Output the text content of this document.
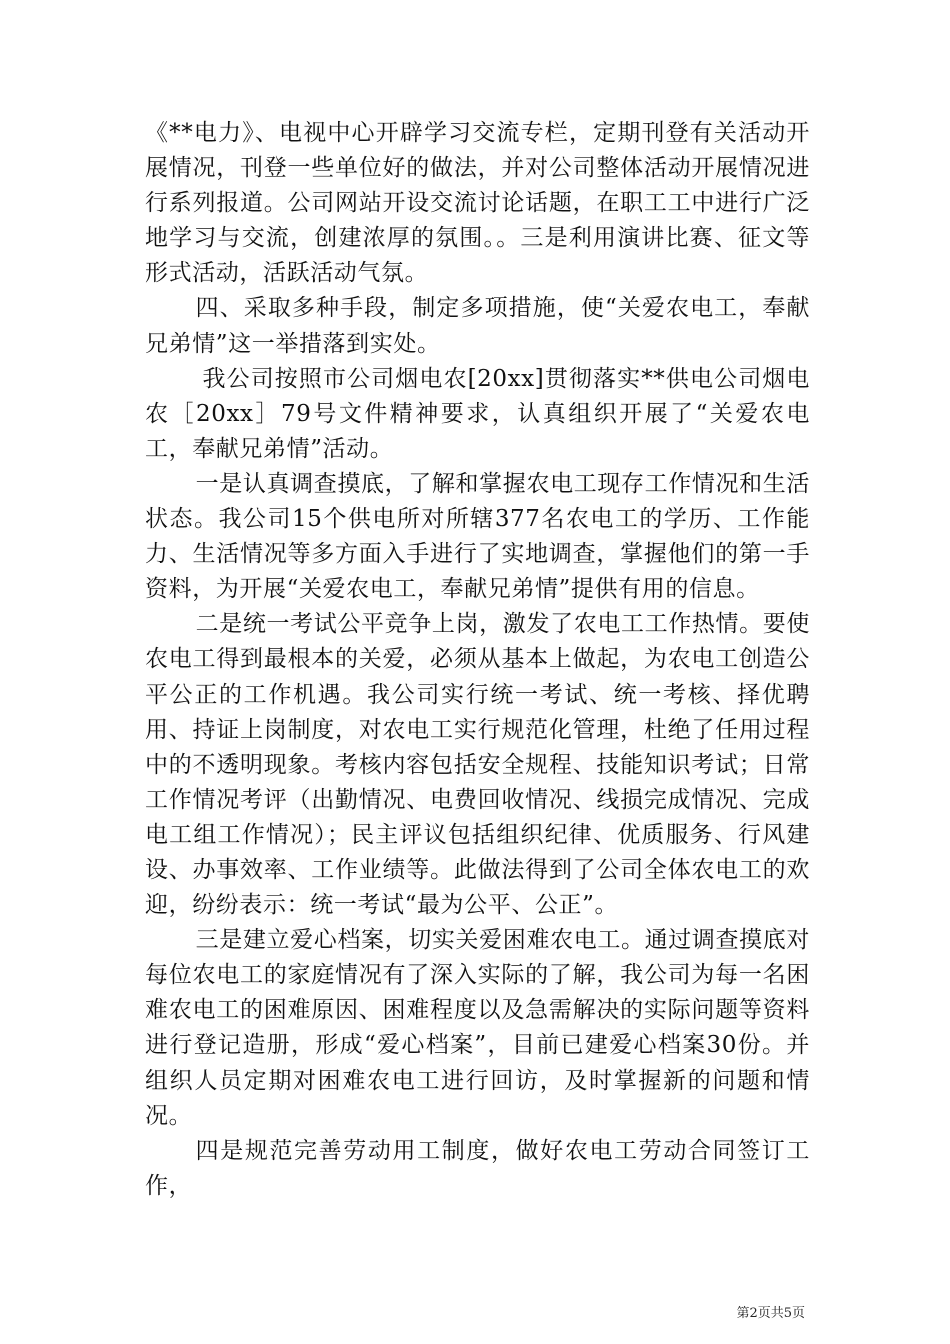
《**电力》、电视中心开辟学习交流专栏，定期刊登有关活动开展情况，刊登一些单位好的做法，并对公司整体活动开展情况进行系列报道。公司网站开设交流讨论话题，在职工工中进行广泛地学习与交流，创建浓厚的氛围。。三是利用演讲比赛、征文等形式活动，活跃活动气氛。

四、采取多种手段，制定多项措施，使“关爱农电工，奉献兄弟情”这一举措落到实处。

我公司按照市公司烟电农[20xx]贯彻落实**供电公司烟电农［20xx］79号文件精神要求，认真组织开展了“关爱农电工，奉献兄弟情”活动。

一是认真调查摸底，了解和掌握农电工现存工作情况和生活状态。我公司15个供电所对所辖377名农电工的学历、工作能力、生活情况等多方面入手进行了实地调查，掌握他们的第一手资料，为开展“关爱农电工，奉献兄弟情”提供有用的信息。

二是统一考试公平竞争上岗，激发了农电工工作热情。要使农电工得到最根本的关爱，必须从基本上做起，为农电工创造公平公正的工作机遇。我公司实行统一考试、统一考核、择优聘用、持证上岗制度，对农电工实行规范化管理，杜绝了任用过程中的不透明现象。考核内容包括安全规程、技能知识考试；日常工作情况考评（出勤情况、电费回收情况、线损完成情况、完成电工组工作情况）；民主评议包括组织纪律、优质服务、行风建设、办事效率、工作业绩等。此做法得到了公司全体农电工的欢迎，纷纷表示：统一考试“最为公平、公正”。

三是建立爱心档案，切实关爱困难农电工。通过调查摸底对每位农电工的家庭情况有了深入实际的了解，我公司为每一名困难农电工的困难原因、困难程度以及急需解决的实际问题等资料进行登记造册，形成“爱心档案”，目前已建爱心档案30份。并组织人员定期对困难农电工进行回访，及时掌握新的问题和情况。

四是规范完善劳动用工制度，做好农电工劳动合同签订工作，

第2页共5页
